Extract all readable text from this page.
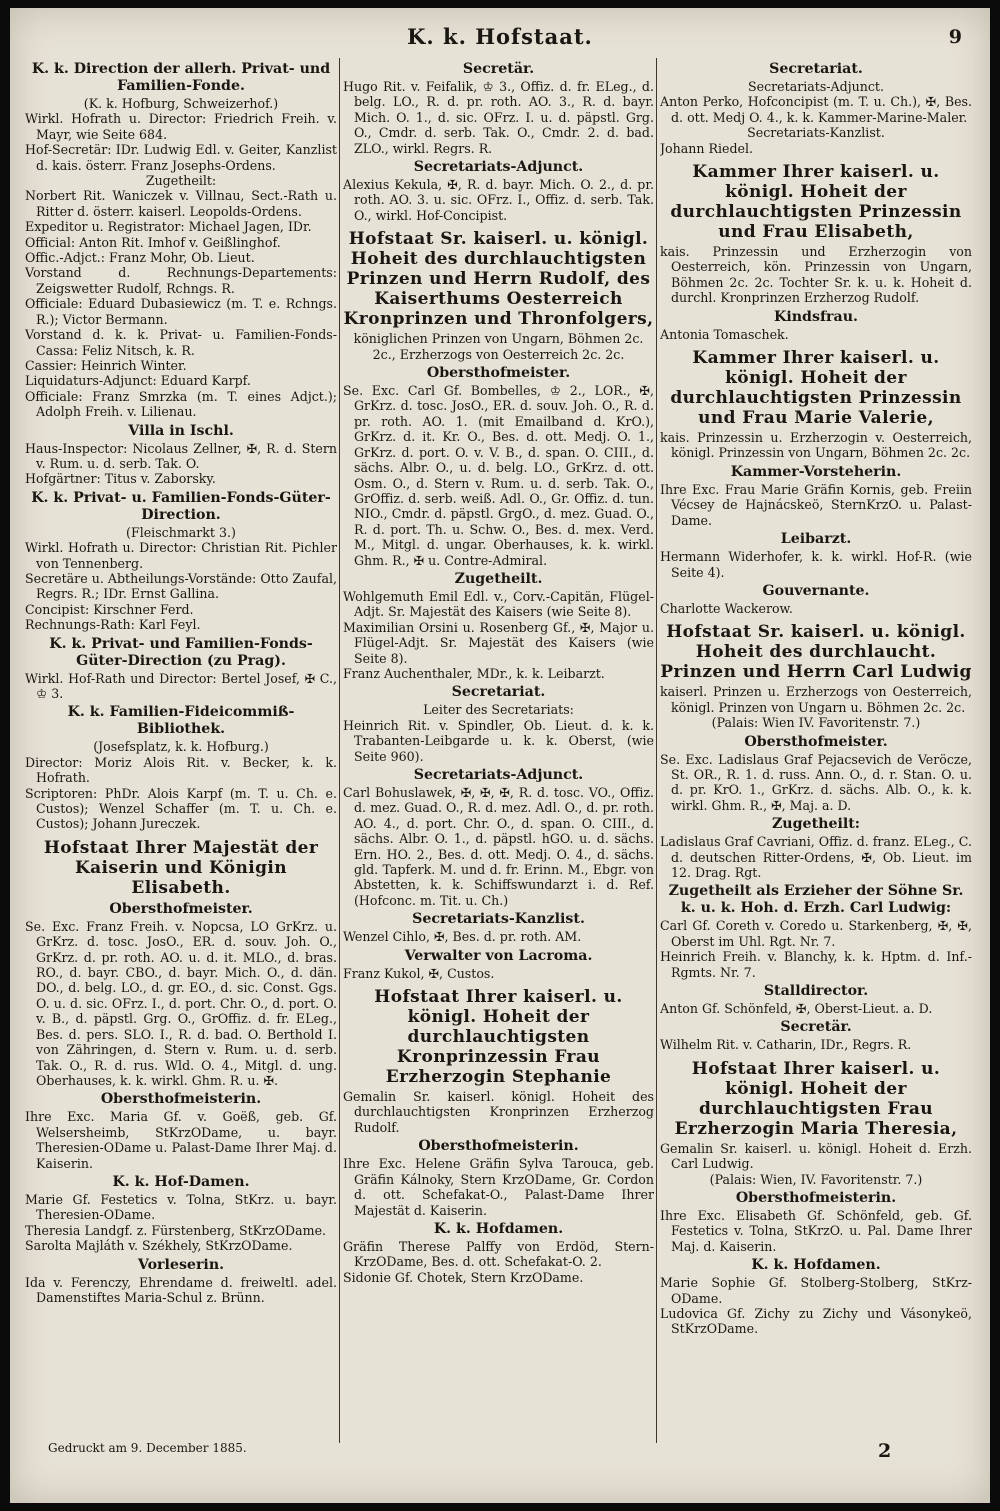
K. k. Hofstaat.	9
K. k. Direction der allerh. Privat- und Familien-Fonde.
(K. k. Hofburg, Schweizerhof.)

Wirkl. Hofrath u. Director: Friedrich Freih. v. Mayr, wie Seite 684.

Hof-Secretär: IDr. Ludwig Edl. v. Geiter, Kanzlist d. kais. österr. Franz Josephs-Ordens.

Zugetheilt:

Norbert Rit. Waniczek v. Villnau, Sect.-Rath u. Ritter d. österr. kaiserl. Leopolds-Ordens.

Expeditor u. Registrator: Michael Jagen, IDr.

Official: Anton Rit. Imhof v. Geißlinghof.

Offic.-Adjct.: Franz Mohr, Ob. Lieut.

Vorstand d. Rechnungs-Departements: Zeigswetter Rudolf, Rchngs. R.

Officiale: Eduard Dubasiewicz (m. T. e. Rchngs. R.); Victor Bermann.

Vorstand d. k. k. Privat- u. Familien-Fonds-Cassa: Feliz Nitsch, k. R.

Cassier: Heinrich Winter.

Liquidaturs-Adjunct: Eduard Karpf.

Officiale: Franz Smrzka (m. T. eines Adjct.); Adolph Freih. v. Lilienau.

Villa in Ischl.

Haus-Inspector: Nicolaus Zellner, ✠, R. d. Stern v. Rum. u. d. serb. Tak. O.

Hofgärtner: Titus v. Zaborsky.

K. k. Privat- u. Familien-Fonds-Güter-Direction.
(Fleischmarkt 3.)

Wirkl. Hofrath u. Director: Christian Rit. Pichler von Tennenberg.

Secretäre u. Abtheilungs-Vorstände: Otto Zaufal, Regrs. R.; IDr. Ernst Gallina.

Concipist: Kirschner Ferd.

Rechnungs-Rath: Karl Feyl.

K. k. Privat- und Familien-Fonds-Güter-Direction (zu Prag).

Wirkl. Hof-Rath und Director: Bertel Josef, ✠ C., ♔ 3.

K. k. Familien-Fideicommiß-Bibliothek.
(Josefsplatz, k. k. Hofburg.)

Director: Moriz Alois Rit. v. Becker, k. k. Hofrath.

Scriptoren: PhDr. Alois Karpf (m. T. u. Ch. e. Custos); Wenzel Schaffer (m. T. u. Ch. e. Custos); Johann Jureczek.

Hofstaat Ihrer Majestät der Kaiserin und Königin Elisabeth.
Obersthofmeister.

Se. Exc. Franz Freih. v. Nopcsa, LO GrKrz. u. GrKrz. d. tosc. JosO., ER. d. souv. Joh. O., GrKrz. d. pr. roth. AO. u. d. it. MLO., d. bras. RO., d. bayr. CBO., d. bayr. Mich. O., d. dän. DO., d. belg. LO., d. gr. EO., d. sic. Const. Ggs. O. u. d. sic. OFrz. I., d. port. Chr. O., d. port. O. v. B., d. päpstl. Grg. O., GrOffiz. d. fr. ELeg., Bes. d. pers. SLO. I., R. d. bad. O. Berthold I. von Zähringen, d. Stern v. Rum. u. d. serb. Tak. O., R. d. rus. Wld. O. 4., Mitgl. d. ung. Oberhauses, k. k. wirkl. Ghm. R. u. ✠.

Obersthofmeisterin.

Ihre Exc. Maria Gf. v. Goëß, geb. Gf. Welsersheimb, StKrzODame, u. bayr. Theresien-ODame u. Palast-Dame Ihrer Maj. d. Kaiserin.

K. k. Hof-Damen.

Marie Gf. Festetics v. Tolna, StKrz. u. bayr. Theresien-ODame.

Theresia Landgf. z. Fürstenberg, StKrzODame.

Sarolta Majláth v. Székhely, StKrzODame.

Vorleserin.

Ida v. Ferenczy, Ehrendame d. freiweltl. adel. Damenstiftes Maria-Schul z. Brünn.

Secretär.

Hugo Rit. v. Feifalik, ♔ 3., Offiz. d. fr. ELeg., d. belg. LO., R. d. pr. roth. AO. 3., R. d. bayr. Mich. O. 1., d. sic. OFrz. I. u. d. päpstl. Grg. O., Cmdr. d. serb. Tak. O., Cmdr. 2. d. bad. ZLO., wirkl. Regrs. R.

Secretariats-Adjunct.

Alexius Kekula, ✠, R. d. bayr. Mich. O. 2., d. pr. roth. AO. 3. u. sic. OFrz. I., Offiz. d. serb. Tak. O., wirkl. Hof-Concipist.

Hofstaat Sr. kaiserl. u. königl. Hoheit des durchlauchtigsten Prinzen und Herrn Rudolf, des Kaiserthums Oesterreich Kronprinzen und Thronfolgers,
königlichen Prinzen von Ungarn, Böhmen 2c. 2c., Erzherzogs von Oesterreich 2c. 2c.
Obersthofmeister.

Se. Exc. Carl Gf. Bombelles, ♔ 2., LOR., ✠, GrKrz. d. tosc. JosO., ER. d. souv. Joh. O., R. d. pr. roth. AO. 1. (mit Emailband d. KrO.), GrKrz. d. it. Kr. O., Bes. d. ott. Medj. O. 1., GrKrz. d. port. O. v. V. B., d. span. O. CIII., d. sächs. Albr. O., u. d. belg. LO., GrKrz. d. ott. Osm. O., d. Stern v. Rum. u. d. serb. Tak. O., GrOffiz. d. serb. weiß. Adl. O., Gr. Offiz. d. tun. NIO., Cmdr. d. päpstl. GrgO., d. mez. Guad. O., R. d. port. Th. u. Schw. O., Bes. d. mex. Verd. M., Mitgl. d. ungar. Oberhauses, k. k. wirkl. Ghm. R., ✠ u. Contre-Admiral.

Zugetheilt.

Wohlgemuth Emil Edl. v., Corv.-Capitän, Flügel-Adjt. Sr. Majestät des Kaisers (wie Seite 8).

Maximilian Orsini u. Rosenberg Gf., ✠, Major u. Flügel-Adjt. Sr. Majestät des Kaisers (wie Seite 8).

Franz Auchenthaler, MDr., k. k. Leibarzt.

Secretariat.
Leiter des Secretariats:

Heinrich Rit. v. Spindler, Ob. Lieut. d. k. k. Trabanten-Leibgarde u. k. k. Oberst, (wie Seite 960).

Secretariats-Adjunct.

Carl Bohuslawek, ✠, ✠, ✠, R. d. tosc. VO., Offiz. d. mez. Guad. O., R. d. mez. Adl. O., d. pr. roth. AO. 4., d. port. Chr. O., d. span. O. CIII., d. sächs. Albr. O. 1., d. päpstl. hGO. u. d. sächs. Ern. HO. 2., Bes. d. ott. Medj. O. 4., d. sächs. gld. Tapferk. M. und d. fr. Erinn. M., Ebgr. von Abstetten, k. k. Schiffswundarzt i. d. Ref. (Hofconc. m. Tit. u. Ch.)

Secretariats-Kanzlist.

Wenzel Cihlo, ✠, Bes. d. pr. roth. AM.

Verwalter von Lacroma.

Franz Kukol, ✠, Custos.

Hofstaat Ihrer kaiserl. u. königl. Hoheit der durchlauchtigsten Kronprinzessin Frau Erzherzogin Stephanie

Gemalin Sr. kaiserl. königl. Hoheit des durchlauchtigsten Kronprinzen Erzherzog Rudolf.

Obersthofmeisterin.

Ihre Exc. Helene Gräfin Sylva Tarouca, geb. Gräfin Kálnoky, Stern KrzODame, Gr. Cordon d. ott. Schefakat-O., Palast-Dame Ihrer Majestät d. Kaiserin.

K. k. Hofdamen.

Gräfin Therese Palffy von Erdöd, Stern-KrzODame, Bes. d. ott. Schefakat-O. 2.

Sidonie Gf. Chotek, Stern KrzODame.

Secretariat.
Secretariats-Adjunct.

Anton Perko, Hofconcipist (m. T. u. Ch.), ✠, Bes. d. ott. Medj O. 4., k. k. Kammer-Marine-Maler.

Secretariats-Kanzlist.

Johann Riedel.

Kammer Ihrer kaiserl. u. königl. Hoheit der durchlauchtigsten Prinzessin und Frau Elisabeth,

kais. Prinzessin und Erzherzogin von Oesterreich, kön. Prinzessin von Ungarn, Böhmen 2c. 2c. Tochter Sr. k. u. k. Hoheit d. durchl. Kronprinzen Erzherzog Rudolf.

Kindsfrau.

Antonia Tomaschek.

Kammer Ihrer kaiserl. u. königl. Hoheit der durchlauchtigsten Prinzessin und Frau Marie Valerie,

kais. Prinzessin u. Erzherzogin v. Oesterreich, königl. Prinzessin von Ungarn, Böhmen 2c. 2c.

Kammer-Vorsteherin.

Ihre Exc. Frau Marie Gräfin Kornis, geb. Freiin Vécsey de Hajnácskeö, SternKrzO. u. Palast-Dame.

Leibarzt.

Hermann Widerhofer, k. k. wirkl. Hof-R. (wie Seite 4).

Gouvernante.

Charlotte Wackerow.

Hofstaat Sr. kaiserl. u. königl. Hoheit des durchlaucht. Prinzen und Herrn Carl Ludwig

kaiserl. Prinzen u. Erzherzogs von Oesterreich, königl. Prinzen von Ungarn u. Böhmen 2c. 2c.

(Palais: Wien IV. Favoritenstr. 7.)
Obersthofmeister.

Se. Exc. Ladislaus Graf Pejacsevich de Veröcze, St. OR., R. 1. d. russ. Ann. O., d. r. Stan. O. u. d. pr. KrO. 1., GrKrz. d. sächs. Alb. O., k. k. wirkl. Ghm. R., ✠, Maj. a. D.

Zugetheilt:

Ladislaus Graf Cavriani, Offiz. d. franz. ELeg., C. d. deutschen Ritter-Ordens, ✠, Ob. Lieut. im 12. Drag. Rgt.

Zugetheilt als Erzieher der Söhne Sr. k. u. k. Hoh. d. Erzh. Carl Ludwig:

Carl Gf. Coreth v. Coredo u. Starkenberg, ✠, ✠, Oberst im Uhl. Rgt. Nr. 7.

Heinrich Freih. v. Blanchy, k. k. Hptm. d. Inf.-Rgmts. Nr. 7.

Stalldirector.

Anton Gf. Schönfeld, ✠, Oberst-Lieut. a. D.

Secretär.

Wilhelm Rit. v. Catharin, IDr., Regrs. R.

Hofstaat Ihrer kaiserl. u. königl. Hoheit der durchlauchtigsten Frau Erzherzogin Maria Theresia,

Gemalin Sr. kaiserl. u. königl. Hoheit d. Erzh. Carl Ludwig.

(Palais: Wien, IV. Favoritenstr. 7.)
Obersthofmeisterin.

Ihre Exc. Elisabeth Gf. Schönfeld, geb. Gf. Festetics v. Tolna, StKrzO. u. Pal. Dame Ihrer Maj. d. Kaiserin.

K. k. Hofdamen.

Marie Sophie Gf. Stolberg-Stolberg, StKrz-ODame.

Ludovica Gf. Zichy zu Zichy und Vásonykeö, StKrzODame.

Gedruckt am 9. December 1885.	2
